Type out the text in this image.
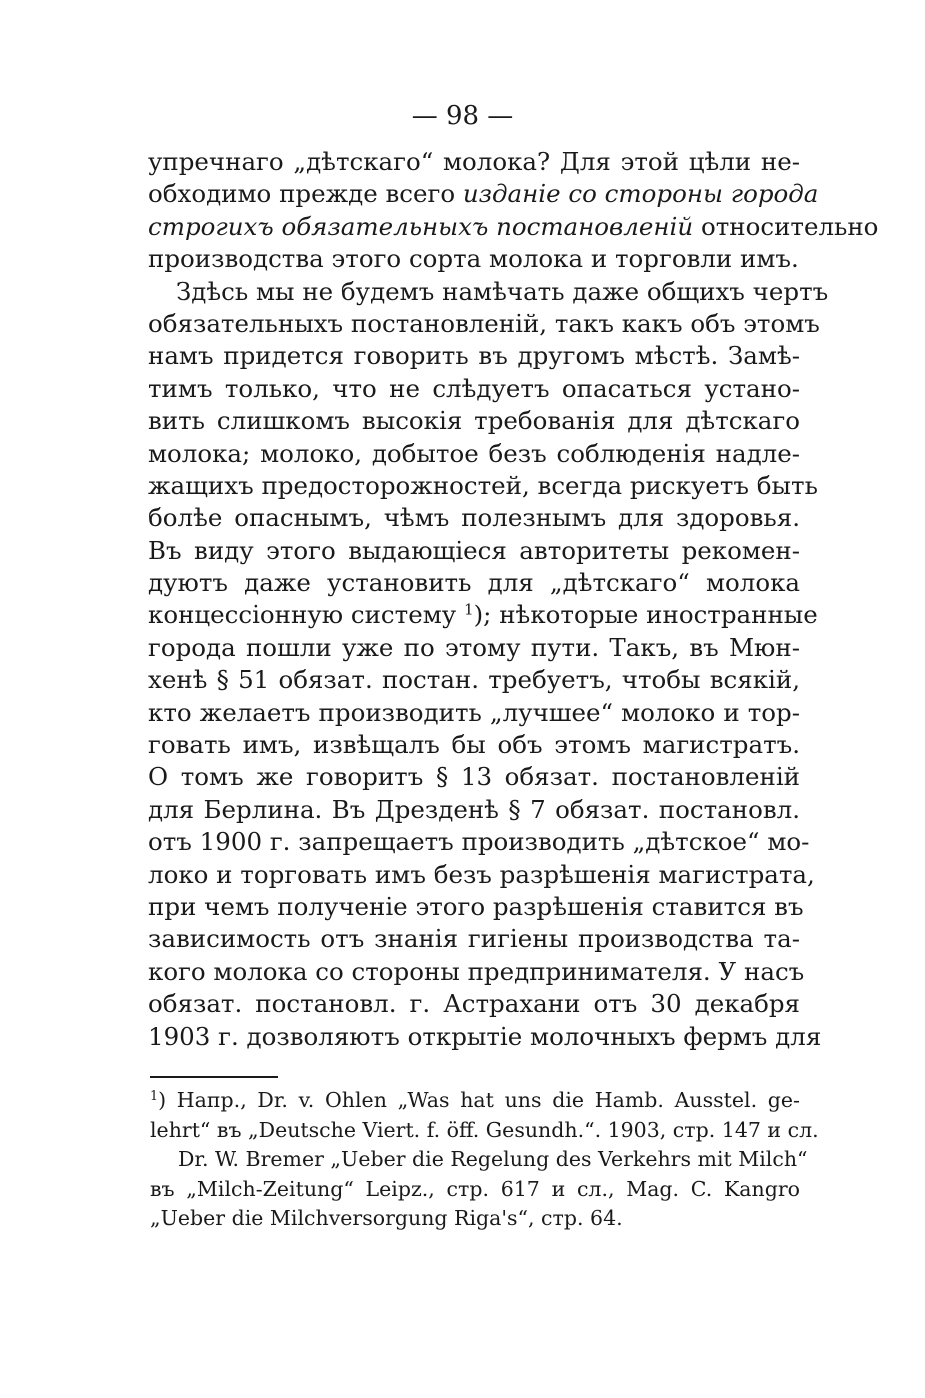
— 98 —
упречнаго „дѣтскаго“ молока? Для этой цѣли не-
обходимо прежде всего изданіе со стороны города
строгихъ обязательныхъ постановленій относительно
производства этого сорта молока и торговли имъ.
Здѣсь мы не будемъ намѣчать даже общихъ чертъ
обязательныхъ постановленій, такъ какъ объ этомъ
намъ придется говорить въ другомъ мѣстѣ. Замѣ-
тимъ только, что не слѣдуетъ опасаться устано-
вить слишкомъ высокія требованія для дѣтскаго
молока; молоко, добытое безъ соблюденія надле-
жащихъ предосторожностей, всегда рискуетъ быть
болѣе опаснымъ, чѣмъ полезнымъ для здоровья.
Въ виду этого выдающіеся авторитеты рекомен-
дуютъ даже установить для „дѣтскаго“ молока
концессіонную систему $^1$); нѣкоторые иностранные
города пошли уже по этому пути. Такъ, въ Мюн-
хенѣ § 51 обязат. постан. требуетъ, чтобы всякій,
кто желаетъ производить „лучшее“ молоко и тор-
говать имъ, извѣщалъ бы объ этомъ магистратъ.
О томъ же говоритъ § 13 обязат. постановленій
для Берлина. Въ Дрезденѣ § 7 обязат. постановл.
отъ 1900 г. запрещаетъ производить „дѣтское“ мо-
локо и торговать имъ безъ разрѣшенія магистрата,
при чемъ полученіе этого разрѣшенія ставится въ
зависимость отъ знанія гигіены производства та-
кого молока со стороны предпринимателя. У насъ
обязат. постановл. г. Астрахани отъ 30 декабря
1903 г. дозволяютъ открытіе молочныхъ фермъ для
$^1$) Напр., Dr. v. Ohlen „Was hat uns die Hamb. Ausstel. ge-
lehrt“ въ „Deutsche Viert. f. öff. Gesundh.“. 1903, стр. 147 и сл.
Dr. W. Bremer „Ueber die Regelung des Verkehrs mit Milch“
въ „Milch-Zeitung“ Leipz., стр. 617 и сл., Mag. C. Kangro
„Ueber die Milchversorgung Riga's“, стр. 64.
